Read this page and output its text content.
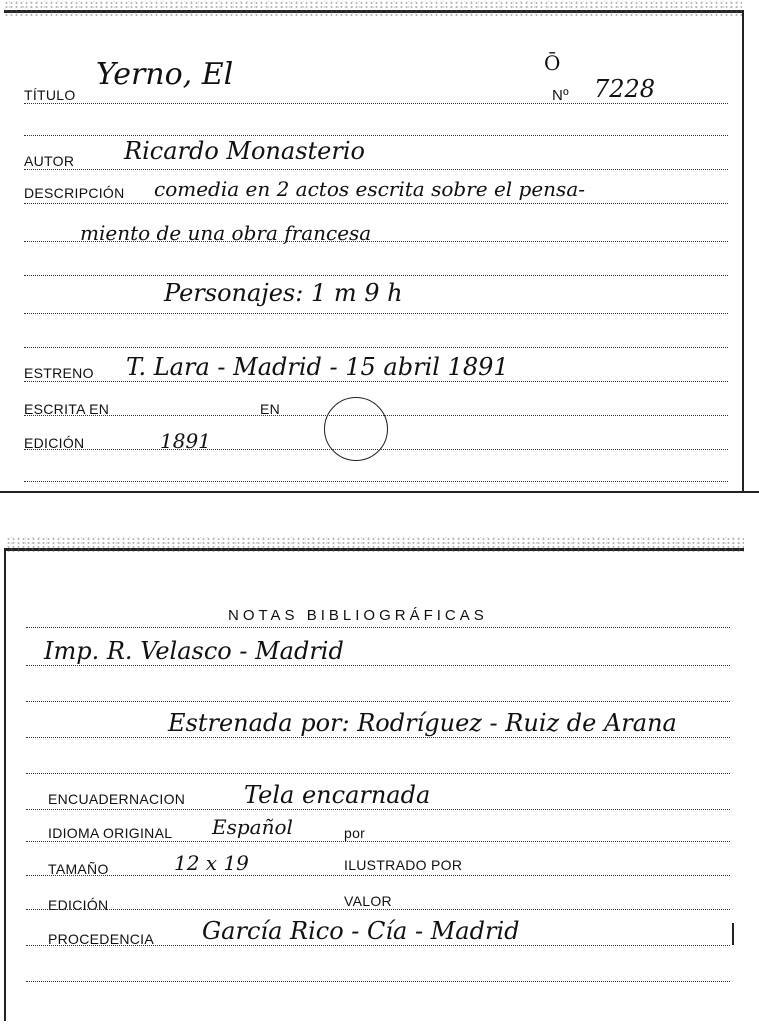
TÍTULO
Yerno, El	Ō
Nº 7228
AUTOR Ricardo Monasterio
DESCRIPCIÓN comedia en 2 actos escrita sobre el pensa-
miento de una obra francesa
Personajes: 1 m 9 h
ESTRENO T. Lara - Madrid - 15 abril 1891
ESCRITA EN	EN
EDICIÓN	1891
NOTAS BIBLIOGRÁFICAS
Imp. R. Velasco - Madrid
Estrenada por: Rodríguez - Ruiz de Arana
ENCUADERNACION Tela encarnada
IDIOMA ORIGINAL Español	por
TAMAÑO	12 x 19	ILUSTRADO POR
EDICIÓN	VALOR
PROCEDENCIA García Rico - Cía - Madrid
